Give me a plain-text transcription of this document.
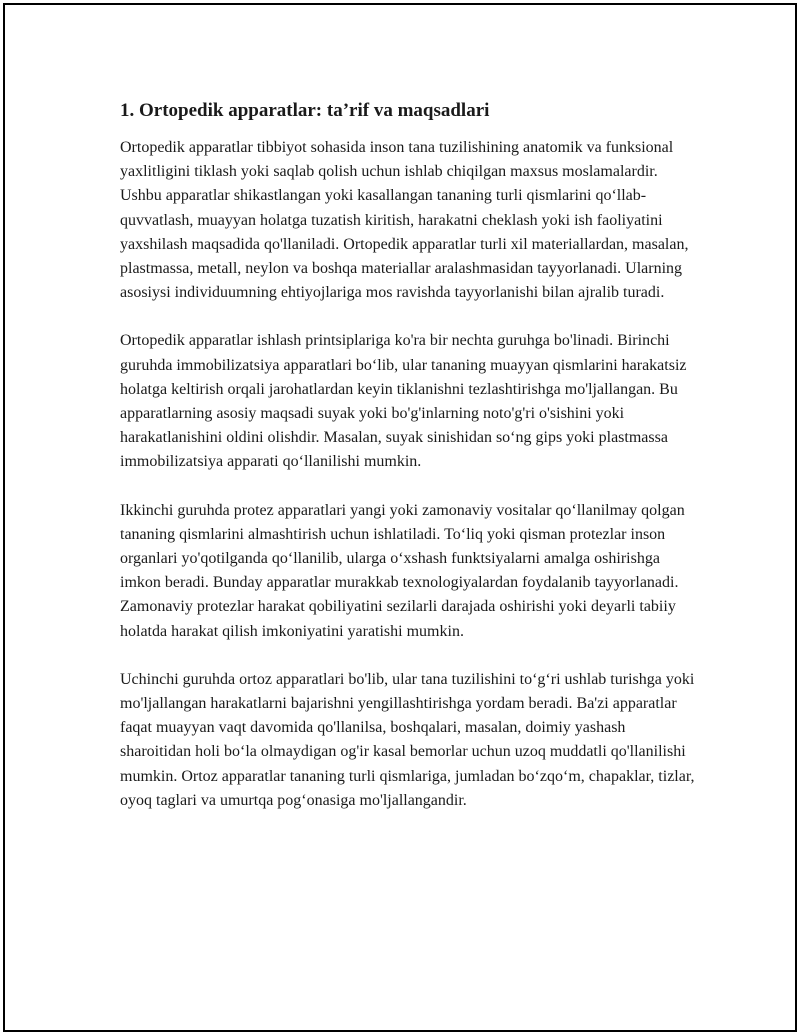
1. Ortopedik apparatlar: ta’rif va maqsadlari

Ortopedik apparatlar tibbiyot sohasida inson tana tuzilishining anatomik va funksional yaxlitligini tiklash yoki saqlab qolish uchun ishlab chiqilgan maxsus moslamalardir. Ushbu apparatlar shikastlangan yoki kasallangan tananing turli qismlarini qo‘llab-quvvatlash, muayyan holatga tuzatish kiritish, harakatni cheklash yoki ish faoliyatini yaxshilash maqsadida qo'llaniladi. Ortopedik apparatlar turli xil materiallardan, masalan, plastmassa, metall, neylon va boshqa materiallar aralashmasidan tayyorlanadi. Ularning asosiysi individuumning ehtiyojlariga mos ravishda tayyorlanishi bilan ajralib turadi.

Ortopedik apparatlar ishlash printsiplariga ko'ra bir nechta guruhga bo'linadi. Birinchi guruhda immobilizatsiya apparatlari bo‘lib, ular tananing muayyan qismlarini harakatsiz holatga keltirish orqali jarohatlardan keyin tiklanishni tezlashtirishga mo'ljallangan. Bu apparatlarning asosiy maqsadi suyak yoki bo'g'inlarning noto'g'ri o'sishini yoki harakatlanishini oldini olishdir. Masalan, suyak sinishidan so‘ng gips yoki plastmassa immobilizatsiya apparati qo‘llanilishi mumkin.

Ikkinchi guruhda protez apparatlari yangi yoki zamonaviy vositalar qo‘llanilmay qolgan tananing qismlarini almashtirish uchun ishlatiladi. To‘liq yoki qisman protezlar inson organlari yo'qotilganda qo‘llanilib, ularga o‘xshash funktsiyalarni amalga oshirishga imkon beradi. Bunday apparatlar murakkab texnologiyalardan foydalanib tayyorlanadi. Zamonaviy protezlar harakat qobiliyatini sezilarli darajada oshirishi yoki deyarli tabiiy holatda harakat qilish imkoniyatini yaratishi mumkin.

Uchinchi guruhda ortoz apparatlari bo'lib, ular tana tuzilishini to‘g‘ri ushlab turishga yoki mo'ljallangan harakatlarni bajarishni yengillashtirishga yordam beradi. Ba'zi apparatlar faqat muayyan vaqt davomida qo'llanilsa, boshqalari, masalan, doimiy yashash sharoitidan holi bo‘la olmaydigan og'ir kasal bemorlar uchun uzoq muddatli qo'llanilishi mumkin. Ortoz apparatlar tananing turli qismlariga, jumladan bo‘zqo‘m, chapaklar, tizlar, oyoq taglari va umurtqa pog‘onasiga mo'ljallangandir.
